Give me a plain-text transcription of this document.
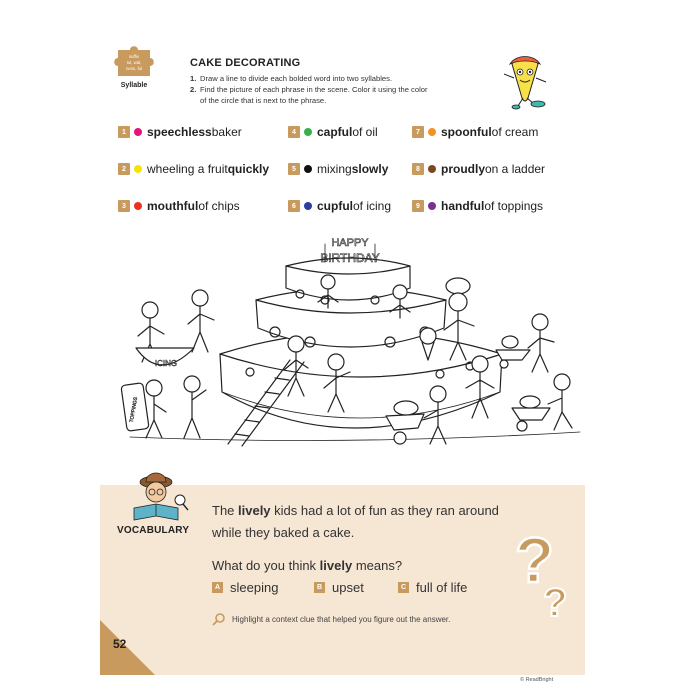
suffix
tul, wal,
ness, ful
Syllable
CAKE DECORATING
1. Draw a line to divide each bolded word into two syllables.
2. Find the picture of each phrase in the scene. Color it using the color of the circle that is next to the phrase.
1	speechless baker
2	wheeling a fruit quickly
3	mouthful of chips
4	capful of oil
5	mixing slowly
6	cupful of icing
7	spoonful of cream
8	proudly on a ladder
9	handful of toppings
HAPPY
BIRTHDAY
ICING
TOPPINGS
52
VOCABULARY
The lively kids had a lot of fun as they ran around while they baked a cake.
What do you think lively means?
A sleeping	B upset	C full of life
Highlight a context clue that helped you figure out the answer.
?
?
© ReadBright
